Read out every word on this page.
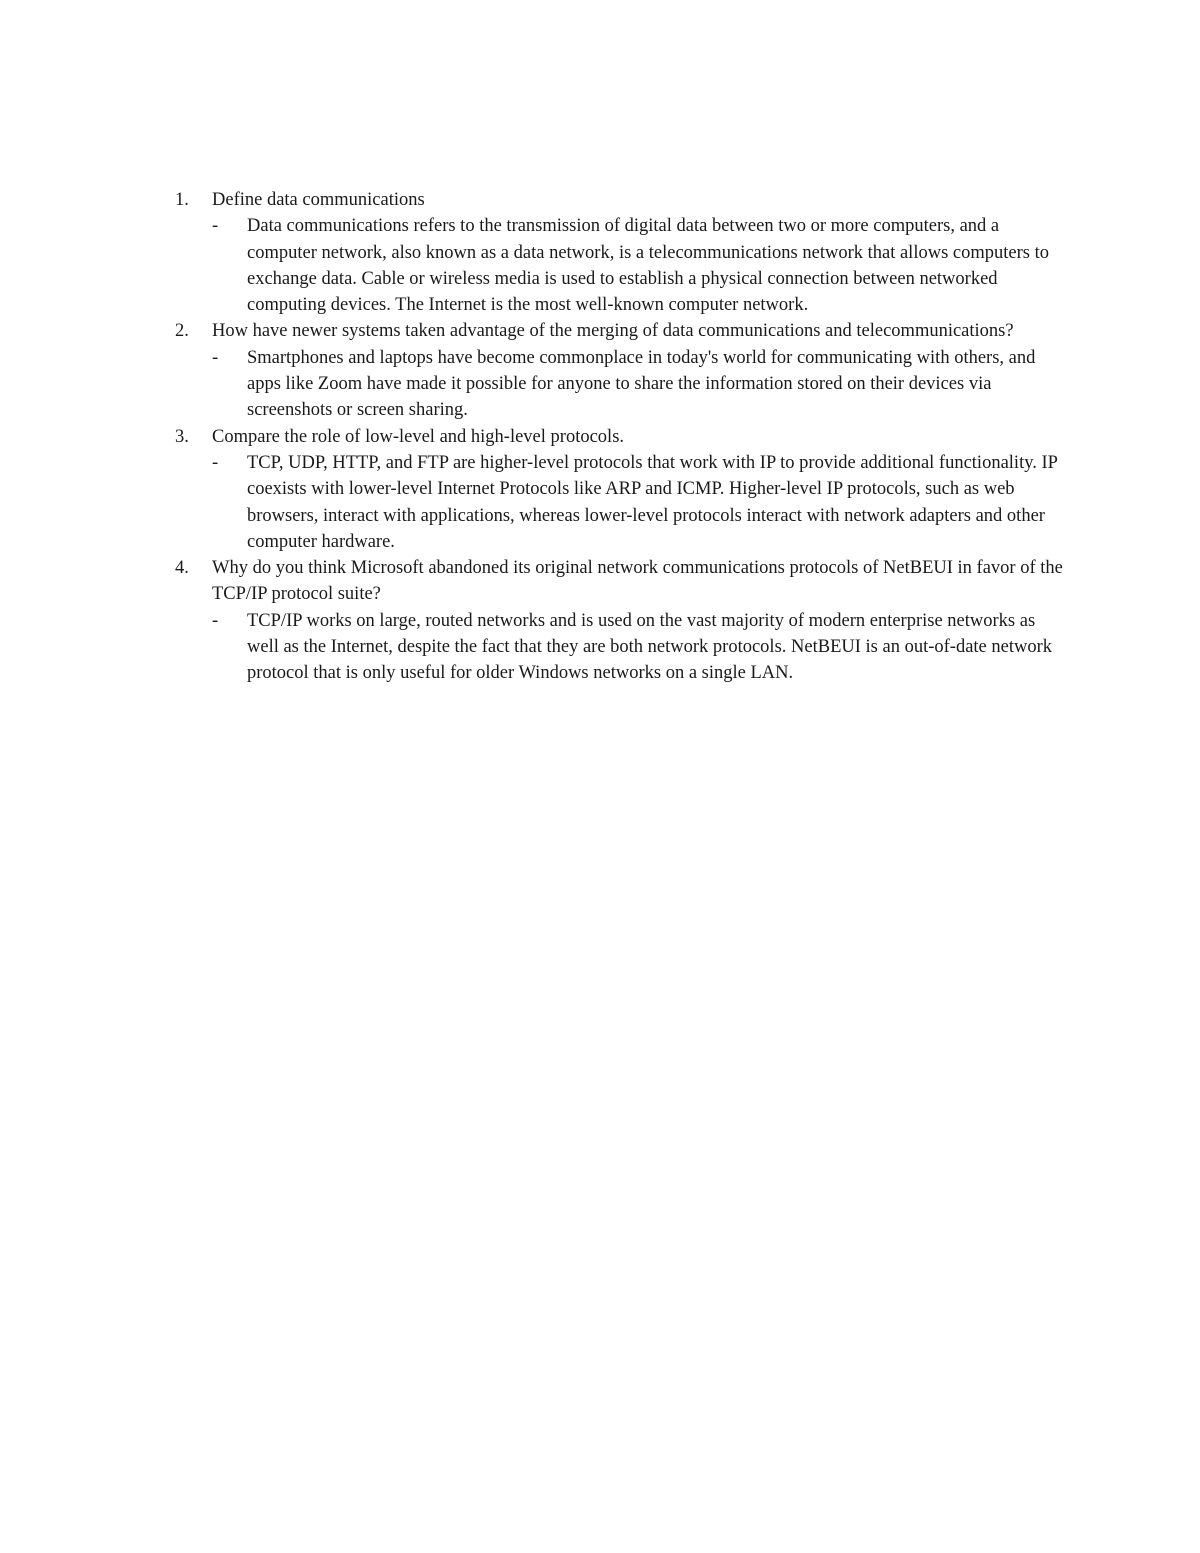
1. Define data communications
- Data communications refers to the transmission of digital data between two or more computers, and a computer network, also known as a data network, is a telecommunications network that allows computers to exchange data. Cable or wireless media is used to establish a physical connection between networked computing devices. The Internet is the most well-known computer network.
2. How have newer systems taken advantage of the merging of data communications and telecommunications?
- Smartphones and laptops have become commonplace in today's world for communicating with others, and apps like Zoom have made it possible for anyone to share the information stored on their devices via screenshots or screen sharing.
3. Compare the role of low-level and high-level protocols.
- TCP, UDP, HTTP, and FTP are higher-level protocols that work with IP to provide additional functionality. IP coexists with lower-level Internet Protocols like ARP and ICMP. Higher-level IP protocols, such as web browsers, interact with applications, whereas lower-level protocols interact with network adapters and other computer hardware.
4. Why do you think Microsoft abandoned its original network communications protocols of NetBEUI in favor of the TCP/IP protocol suite?
- TCP/IP works on large, routed networks and is used on the vast majority of modern enterprise networks as well as the Internet, despite the fact that they are both network protocols. NetBEUI is an out-of-date network protocol that is only useful for older Windows networks on a single LAN.
